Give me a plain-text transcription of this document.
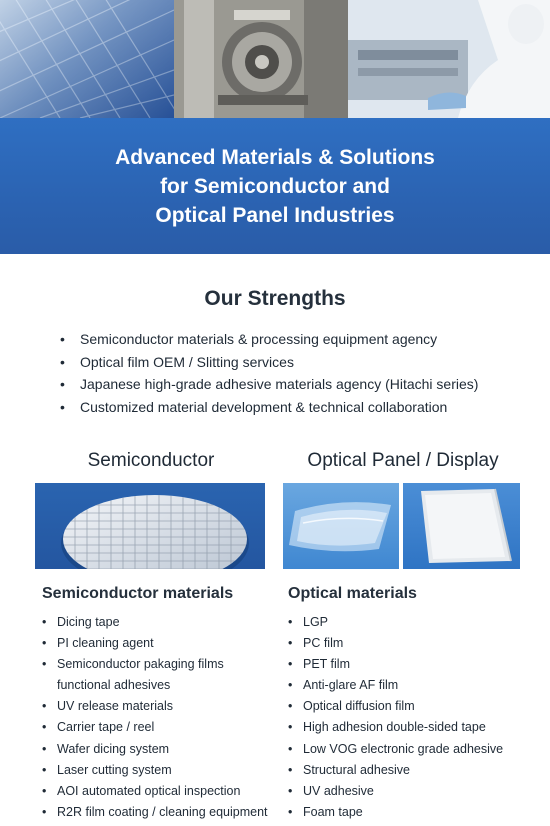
Advanced Materials & Solutions
for Semiconductor and
Optical Panel Industries
Our Strengths
• Semiconductor materials & processing equipment agency
• Optical film OEM / Slitting services
• Japanese high-grade adhesive materials agency (Hitachi series)
• Customized material development & technical collaboration
Semiconductor	Optical Panel / Display
Semiconductor materials	Optical materials
• Dicing tape
• PI cleaning agent
• Semiconductor pakaging films
functional adhesives
• UV release materials
• Carrier tape / reel
• Wafer dicing system
• Laser cutting system
• AOI automated optical inspection
• R2R film coating / cleaning equipment
• LGP
• PC film
• PET film
• Anti-glare AF film
• Optical diffusion film
• High adhesion double-sided tape
• Low VOG electronic grade adhesive
• Structural adhesive
• UV adhesive
• Foam tape
